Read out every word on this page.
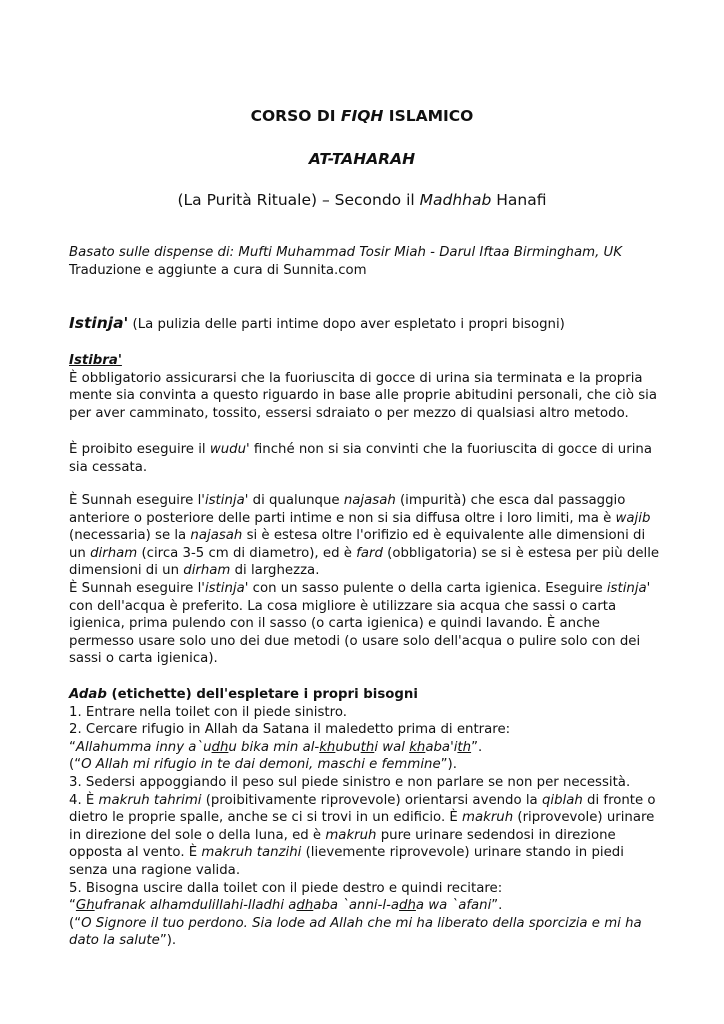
CORSO DI FIQH ISLAMICO
AT-TAHARAH
(La Purità Rituale) – Secondo il Madhhab Hanafi

Basato sulle dispense di: Mufti Muhammad Tosir Miah - Darul Iftaa Birmingham, UK

Traduzione e aggiunte a cura di Sunnita.com

Istinja' (La pulizia delle parti intime dopo aver espletato i propri bisogni)

Istibra'

È obbligatorio assicurarsi che la fuoriuscita di gocce di urina sia terminata e la propria mente sia convinta a questo riguardo in base alle proprie abitudini personali, che ciò sia per aver camminato, tossito, essersi sdraiato o per mezzo di qualsiasi altro metodo.

È proibito eseguire il wudu' finché non si sia convinti che la fuoriuscita di gocce di urina sia cessata.
È Sunnah eseguire l'istinja' di qualunque najasah (impurità) che esca dal passaggio anteriore o posteriore delle parti intime e non si sia diffusa oltre i loro limiti, ma è wajib (necessaria) se la najasah si è estesa oltre l'orifizio ed è equivalente alle dimensioni di un dirham (circa 3-5 cm di diametro), ed è fard (obbligatoria) se si è estesa per più delle dimensioni di un dirham di larghezza.
È Sunnah eseguire l'istinja' con un sasso pulente o della carta igienica. Eseguire istinja' con dell'acqua è preferito. La cosa migliore è utilizzare sia acqua che sassi o carta igienica, prima pulendo con il sasso (o carta igienica) e quindi lavando. È anche permesso usare solo uno dei due metodi (o usare solo dell'acqua o pulire solo con dei sassi o carta igienica).

Adab (etichette) dell'espletare i propri bisogni

1. Entrare nella toilet con il piede sinistro.

2. Cercare rifugio in Allah da Satana il maledetto prima di entrare:

“Allahumma inny a`udhu bika min al-khubuthi wal khaba'ith”.

(“O Allah mi rifugio in te dai demoni, maschi e femmine”).

3. Sedersi appoggiando il peso sul piede sinistro e non parlare se non per necessità.

4. È makruh tahrimi (proibitivamente riprovevole) orientarsi avendo la qiblah di fronte o dietro le proprie spalle, anche se ci si trovi in un edificio. È makruh (riprovevole) urinare in direzione del sole o della luna, ed è makruh pure urinare sedendosi in direzione opposta al vento. È makruh tanzihi (lievemente riprovevole) urinare stando in piedi senza una ragione valida.

5. Bisogna uscire dalla toilet con il piede destro e quindi recitare:

“Ghufranak alhamdulillahi-lladhi adhaba `anni-l-adha wa `afani”.

(“O Signore il tuo perdono. Sia lode ad Allah che mi ha liberato della sporcizia e mi ha dato la salute”).
